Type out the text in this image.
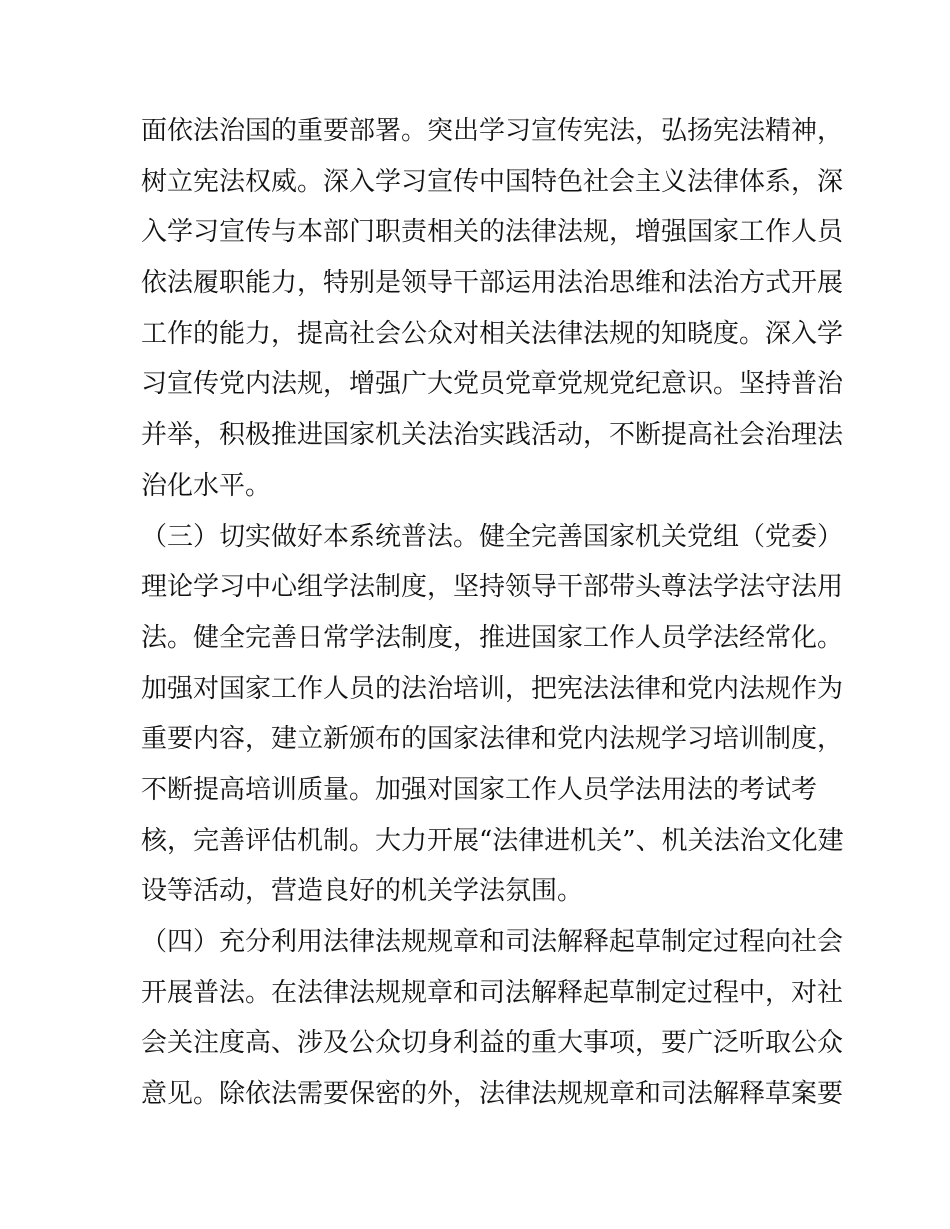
面依法治国的重要部署。突出学习宣传宪法，弘扬宪法精神，
树立宪法权威。深入学习宣传中国特色社会主义法律体系，深
入学习宣传与本部门职责相关的法律法规，增强国家工作人员
依法履职能力，特别是领导干部运用法治思维和法治方式开展
工作的能力，提高社会公众对相关法律法规的知晓度。深入学
习宣传党内法规，增强广大党员党章党规党纪意识。坚持普治
并举，积极推进国家机关法治实践活动，不断提高社会治理法
治化水平。
（三）切实做好本系统普法。健全完善国家机关党组（党委）
理论学习中心组学法制度，坚持领导干部带头尊法学法守法用
法。健全完善日常学法制度，推进国家工作人员学法经常化。
加强对国家工作人员的法治培训，把宪法法律和党内法规作为
重要内容，建立新颁布的国家法律和党内法规学习培训制度，
不断提高培训质量。加强对国家工作人员学法用法的考试考
核，完善评估机制。大力开展“法律进机关”、机关法治文化建
设等活动，营造良好的机关学法氛围。
（四）充分利用法律法规规章和司法解释起草制定过程向社会
开展普法。在法律法规规章和司法解释起草制定过程中，对社
会关注度高、涉及公众切身利益的重大事项，要广泛听取公众
意见。除依法需要保密的外，法律法规规章和司法解释草案要
